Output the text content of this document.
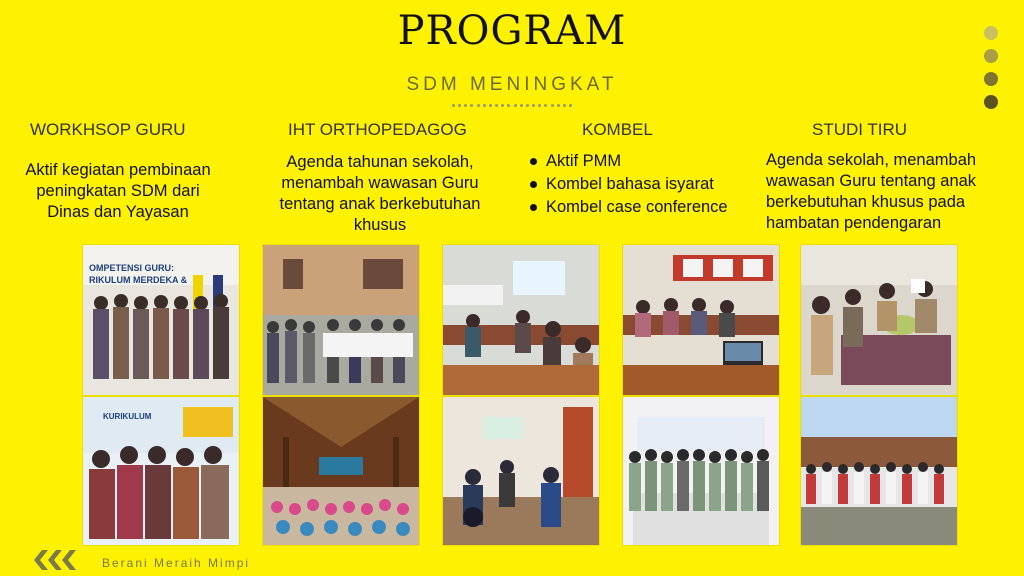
PROGRAM
SDM MENINGKAT
WORKHSOP GURU
Aktif kegiatan pembinaan
peningkatan SDM dari
Dinas dan Yayasan
IHT ORTHOPEDAGOG
Agenda tahunan sekolah,
menambah wawasan Guru
tentang anak berkebutuhan
khusus
KOMBEL
Aktif PMM
Kombel bahasa isyarat
Kombel case conference
STUDI TIRU
Agenda sekolah, menambah
wawasan Guru tentang anak
berkebutuhan khusus pada
hambatan pendengaran
OMPETENSI GURU:
RIKULUM MERDEKA &
KURIKULUM
Berani Meraih Mimpi
